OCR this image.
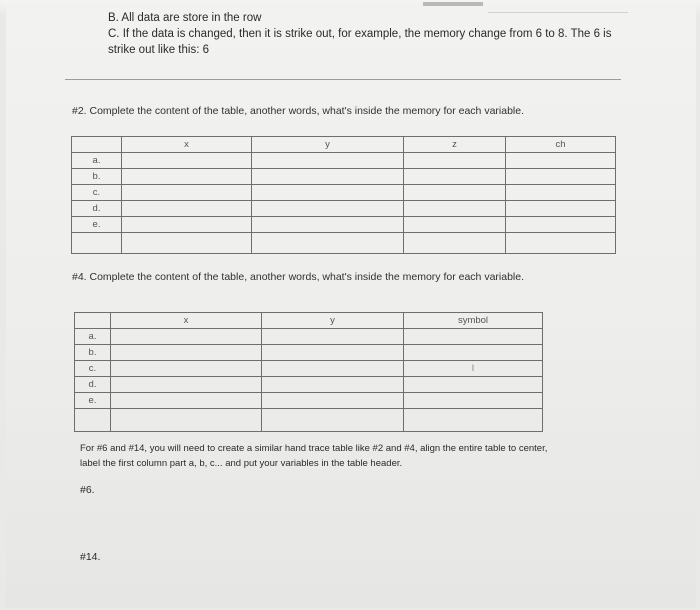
B. All data are store in the row
C. If the data is changed, then it is strike out, for example, the memory change from 6 to 8. The 6 is
strike out like this: 6
#2. Complete the content of the table, another words, what's inside the memory for each variable.
	x	y	z	ch
a.				
b.				
c.				
d.				
e.				

#4. Complete the content of the table, another words, what's inside the memory for each variable.
	x	y	symbol
a.			
b.			
c.			I
d.			
e.			

For #6 and #14, you will need to create a similar hand trace table like #2 and #4, align the entire table to center,
label the first column part a, b, c... and put your variables in the table header.
#6.
#14.
